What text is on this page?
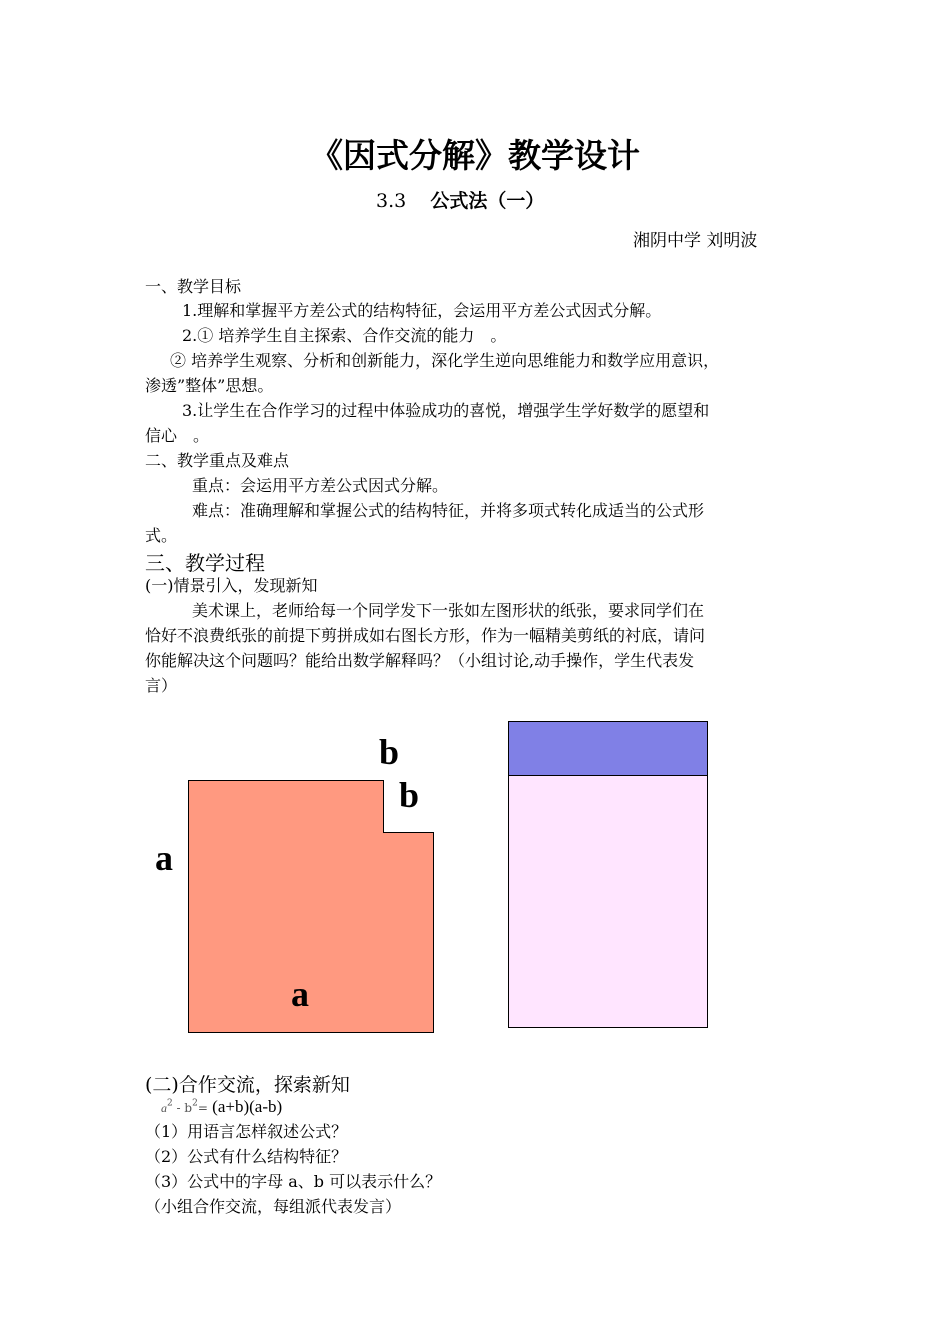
《因式分解》教学设计
3.3 公式法（一）
湘阴中学 刘明波
一、教学目标
1.理解和掌握平方差公式的结构特征，会运用平方差公式因式分解。
2.① 培养学生自主探索、合作交流的能力　。
② 培养学生观察、分析和创新能力，深化学生逆向思维能力和数学应用意识，
渗透”整体”思想。
3.让学生在合作学习的过程中体验成功的喜悦，增强学生学好数学的愿望和
信心　。
二、教学重点及难点
重点：会运用平方差公式因式分解。
难点：准确理解和掌握公式的结构特征，并将多项式转化成适当的公式形
式。
三、教学过程
(一)情景引入，发现新知
美术课上，老师给每一个同学发下一张如左图形状的纸张，要求同学们在
恰好不浪费纸张的前提下剪拼成如右图长方形，作为一幅精美剪纸的衬底，请问
你能解决这个问题吗？能给出数学解释吗？（小组讨论,动手操作，学生代表发
言）
b
b
a
a
(二)合作交流，探索新知
$a^2 - b^2= (a+b)(a-b)$
（1）用语言怎样叙述公式？
（2）公式有什么结构特征？
（3）公式中的字母 a、b 可以表示什么？
（小组合作交流，每组派代表发言）
